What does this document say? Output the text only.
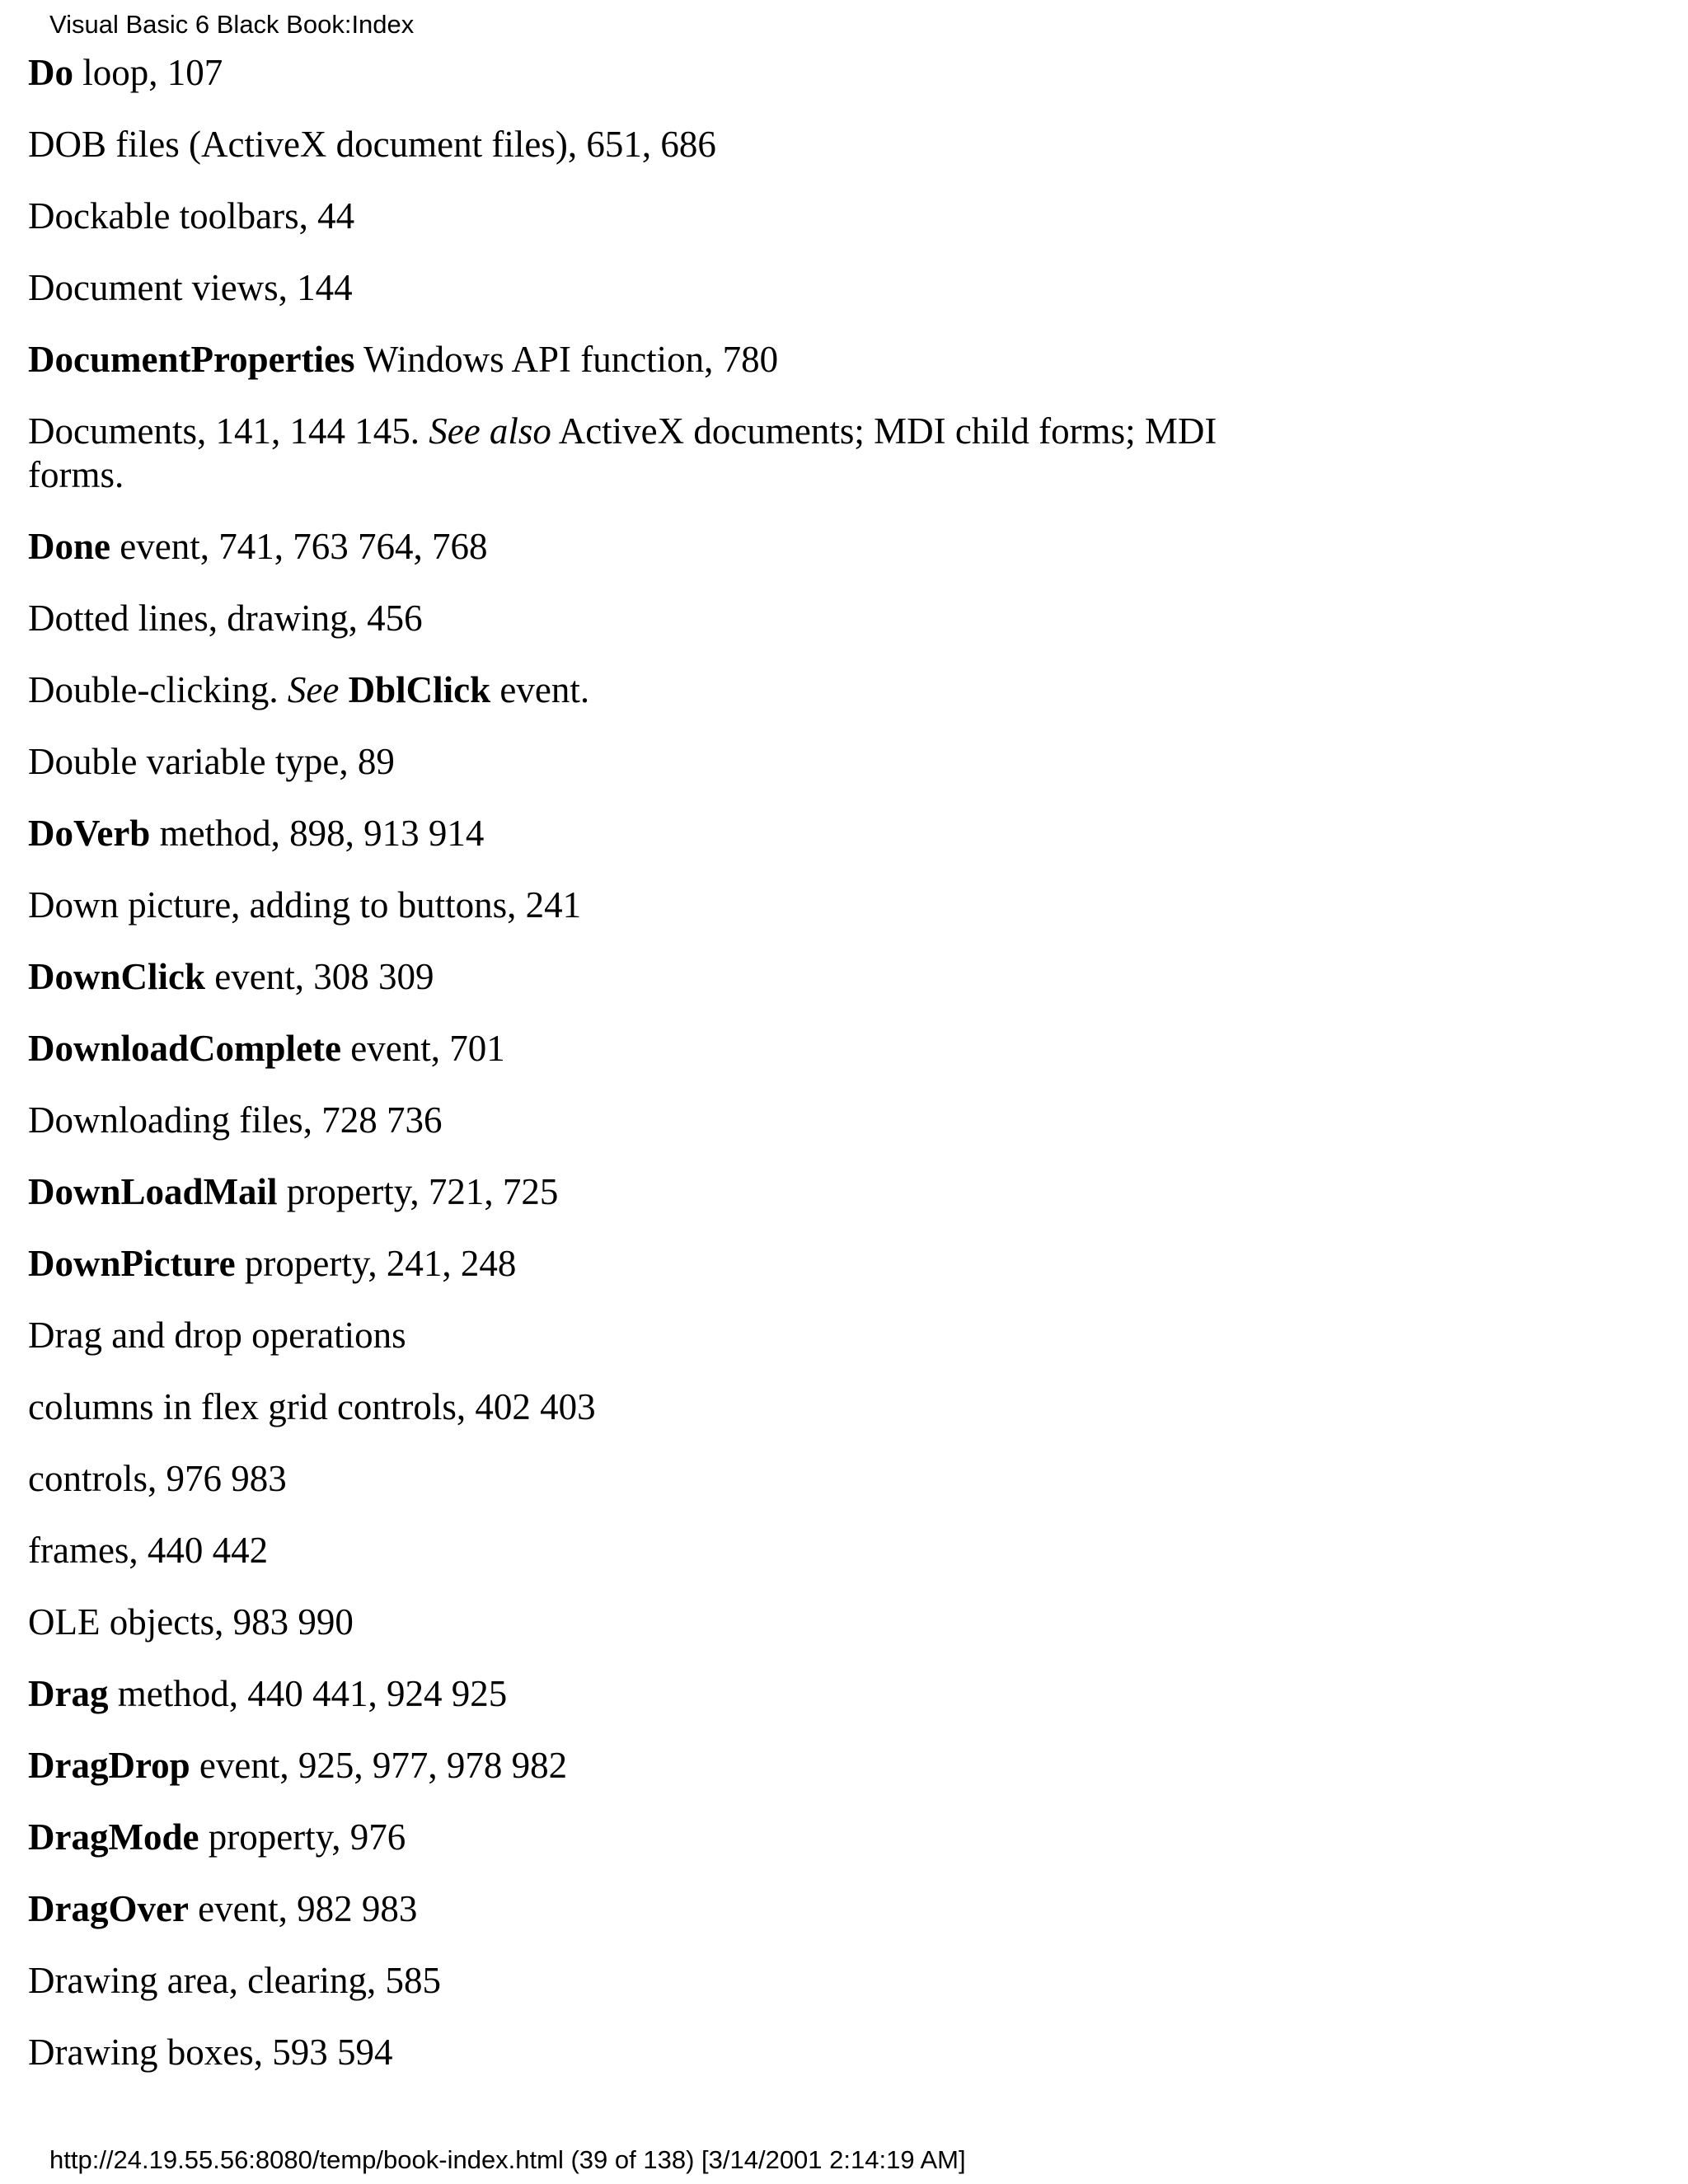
Visual Basic 6 Black Book:Index
Do loop, 107
DOB files (ActiveX document files), 651, 686
Dockable toolbars, 44
Document views, 144
DocumentProperties Windows API function, 780
Documents, 141, 144 145. See also ActiveX documents; MDI child forms; MDI forms.
Done event, 741, 763 764, 768
Dotted lines, drawing, 456
Double-clicking. See DblClick event.
Double variable type, 89
DoVerb method, 898, 913 914
Down picture, adding to buttons, 241
DownClick event, 308 309
DownloadComplete event, 701
Downloading files, 728 736
DownLoadMail property, 721, 725
DownPicture property, 241, 248
Drag and drop operations
columns in flex grid controls, 402 403
controls, 976 983
frames, 440 442
OLE objects, 983 990
Drag method, 440 441, 924 925
DragDrop event, 925, 977, 978 982
DragMode property, 976
DragOver event, 982 983
Drawing area, clearing, 585
Drawing boxes, 593 594
http://24.19.55.56:8080/temp/book-index.html (39 of 138) [3/14/2001 2:14:19 AM]
